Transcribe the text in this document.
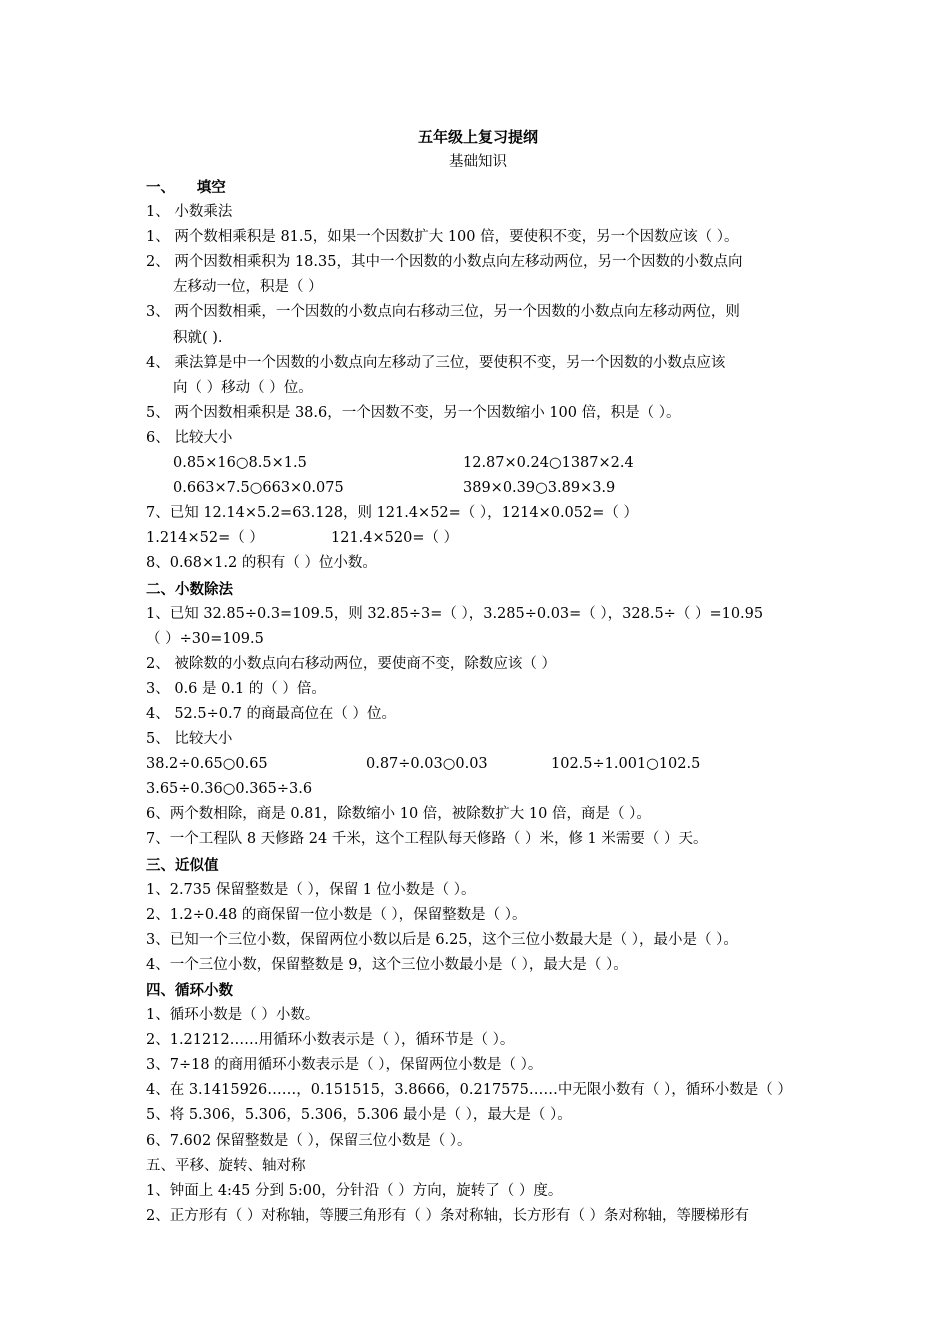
五年级上复习提纲
基础知识
一、　　填空
1、 小数乘法
1、 两个数相乘积是 81.5，如果一个因数扩大 100 倍，要使积不变，另一个因数应该（ ）。
2、 两个因数相乘积为 18.35，其中一个因数的小数点向左移动两位，另一个因数的小数点向
左移动一位，积是（ ）
3、 两个因数相乘，一个因数的小数点向右移动三位，另一个因数的小数点向左移动两位，则
积就( ).
4、 乘法算是中一个因数的小数点向左移动了三位，要使积不变，另一个因数的小数点应该
向（ ）移动（ ）位。
5、 两个因数相乘积是 38.6，一个因数不变，另一个因数缩小 100 倍，积是（ ）。
6、 比较大小
0.85×16○8.5×1.5	12.87×0.24○1387×2.4
0.663×7.5○663×0.075	389×0.39○3.89×3.9
7、已知 12.14×5.2=63.128，则 121.4×52=（ ），1214×0.052=（ ）
1.214×52=（ ）	121.4×520=（ ）
8、0.68×1.2 的积有（ ）位小数。
二、小数除法
1、已知 32.85÷0.3=109.5，则 32.85÷3=（ ），3.285÷0.03=（ ），328.5÷（ ）=10.95
（ ）÷30=109.5
2、 被除数的小数点向右移动两位，要使商不变，除数应该（ ）
3、 0.6 是 0.1 的（ ）倍。
4、 52.5÷0.7 的商最高位在（ ）位。
5、 比较大小
38.2÷0.65○0.65	0.87÷0.03○0.03	102.5÷1.001○102.5
3.65÷0.36○0.365÷3.6
6、两个数相除，商是 0.81，除数缩小 10 倍，被除数扩大 10 倍，商是（ ）。
7、一个工程队 8 天修路 24 千米，这个工程队每天修路（ ）米，修 1 米需要（ ）天。
三、近似值
1、2.735 保留整数是（ ），保留 1 位小数是（ ）。
2、1.2÷0.48 的商保留一位小数是（ ），保留整数是（ ）。
3、已知一个三位小数，保留两位小数以后是 6.25，这个三位小数最大是（ ），最小是（ ）。
4、一个三位小数，保留整数是 9，这个三位小数最小是（ ），最大是（ ）。
四、循环小数
1、循环小数是（ ）小数。
2、1.21212……用循环小数表示是（ ），循环节是（ ）。
3、7÷18 的商用循环小数表示是（ ），保留两位小数是（ ）。
4、在 3.1415926……，0.151515，3.8666，0.217575……中无限小数有（ ），循环小数是（ ）
5、将 5.306，5.306，5.306，5.306 最小是（ ），最大是（ ）。
6、7.602 保留整数是（ ），保留三位小数是（ ）。
五、平移、旋转、轴对称
1、钟面上 4:45 分到 5:00，分针沿（ ）方向，旋转了（ ）度。
2、正方形有（ ）对称轴，等腰三角形有（ ）条对称轴，长方形有（ ）条对称轴，等腰梯形有
